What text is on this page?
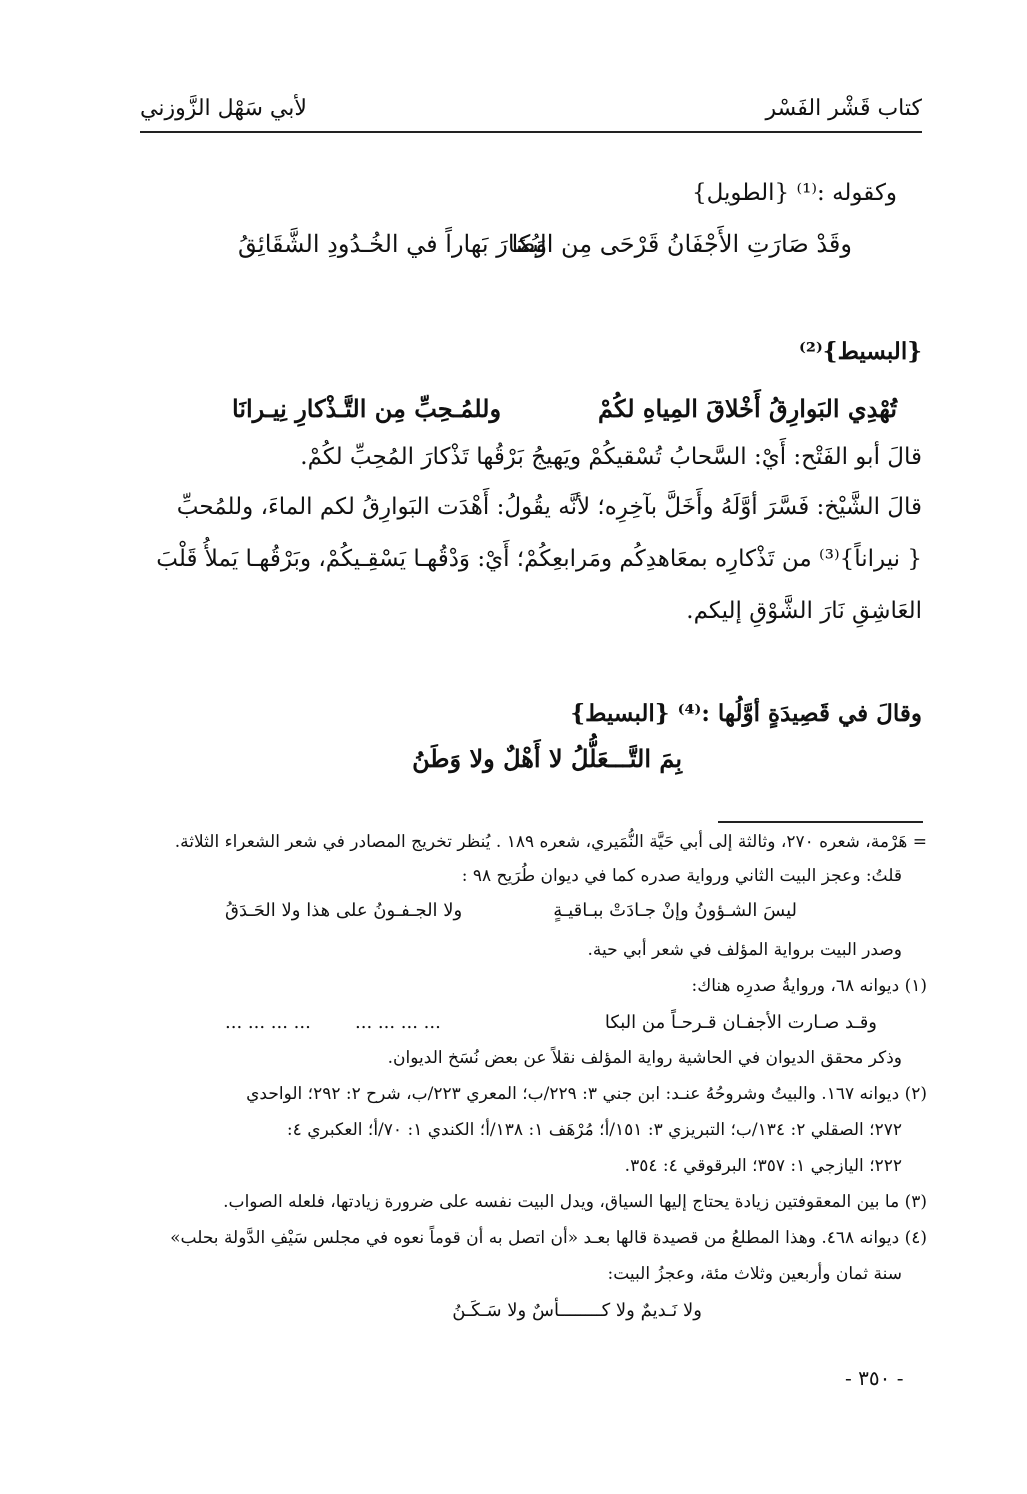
كتاب قَشْر الفَسْر
لأبي سَهْل الزَّوزني
وكقوله :⁽¹⁾ {الطويل}
وقَدْ صَارَتِ الأَجْفَانُ قَرْحَى مِن البُكا
وَصَارَ بَهاراً في الخُـدُودِ الشَّقَائِقُ
{البسيط}⁽²⁾
تُهْدِي البَوارِقُ أَخْلاقَ المِياهِ لكُمْ
وللمُـحِبِّ مِن التَّـذْكارِ نِيـرانَا
قالَ أبو الفَتْح: أَيْ: السَّحابُ تُسْقيكُمْ ويَهيجُ بَرْقُها تَذْكارَ المُحِبِّ لكُمْ.
قالَ الشَّيْخ: فَسَّرَ أوَّلَهُ وأَخَلَّ بآخِرِه؛ لأنَّه يقُولُ: أَهْدَت البَوارِقُ لكم الماءَ، وللمُحبِّ
{ نيراناً}⁽³⁾ من تَذْكارِه بمعَاهدِكُم ومَرابعِكُمْ؛ أَيْ: وَدْقُهـا يَسْقِـيكُمْ، وبَرْقُهـا يَملأُ قَلْبَ
العَاشِقِ نَارَ الشَّوْقِ إليكم.
وقالَ في قَصِيدَةٍ أوَّلُها :⁽⁴⁾ {البسيط}
بِمَ التَّـــعَلُّلُ لا أَهْلٌ ولا وَطَنُ
= هَرْمة، شعره ٢٧٠، وثالثة إلى أبي حَيَّة النُّمَيري، شعره ١٨٩ . يُنظر تخريج المصادر في شعر الشعراء الثلاثة.
قلتُ: وعجز البيت الثاني ورواية صدره كما في ديوان طُرَيح ٩٨ :
ليسَ الشـؤونُ وإنْ جـادَتْ ببـاقيـةٍ
ولا الجـفـونُ على هذا ولا الحَـدَقُ
وصدر البيت برواية المؤلف في شعر أبي حية.
(١) ديوانه ٦٨، وروايةُ صدرِه هناك:
وقـد صـارت الأجفـان قـرحـاً من البكا
... ... ... ...
... ... ... ...
وذكر محقق الديوان في الحاشية رواية المؤلف نقلاً عن بعض نُسَخ الديوان.
(٢) ديوانه ١٦٧. والبيتُ وشروحُهُ عنـد: ابن جني ٣: ٢٢٩/ب؛ المعري ٢٢٣/ب، شرح ٢: ٢٩٢؛ الواحدي
٢٧٢؛ الصقلي ٢: ١٣٤/ب؛ التبريزي ٣: ١٥١/أ؛ مُرْهَف ١: ١٣٨/أ؛ الكندي ١: ٧٠/أ؛ العكبري ٤:
٢٢٢؛ اليازجي ١: ٣٥٧؛ البرقوقي ٤: ٣٥٤.
(٣) ما بين المعقوفتين زيادة يحتاج إليها السياق، ويدل البيت نفسه على ضرورة زيادتها، فلعله الصواب.
(٤) ديوانه ٤٦٨. وهذا المطلعُ من قصيدة قالها بعـد «أن اتصل به أن قوماً نعوه في مجلس سَيْفِ الدَّولة بحلب»
سنة ثمان وأربعين وثلاث مئة، وعجزُ البيت:
ولا نَـديمٌ ولا كــــــــأسٌ ولا سَـكَـنُ
- ٣٥٠ -
